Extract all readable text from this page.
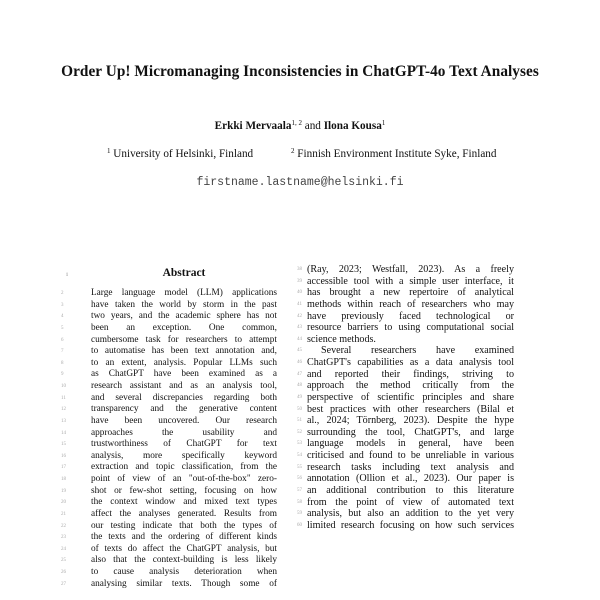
Order Up! Micromanaging Inconsistencies in ChatGPT-4o Text Analyses
Erkki Mervaala$^{1, 2}$ and Ilona Kousa$^1$
$^1$ University of Helsinki, Finland	$^2$ Finnish Environment Institute Syke, Finland
firstname.lastname@helsinki.fi
1	Abstract
2	Large language model (LLM) applications
3	have taken the world by storm in the past
4	two years, and the academic sphere has not
5	been an exception. One common,
6	cumbersome task for researchers to attempt
7	to automatise has been text annotation and,
8	to an extent, analysis. Popular LLMs such
9	as ChatGPT have been examined as a
10	research assistant and as an analysis tool,
11	and several discrepancies regarding both
12	transparency and the generative content
13	have been uncovered. Our research
14	approaches the usability and
15	trustworthiness of ChatGPT for text
16	analysis, more specifically keyword
17	extraction and topic classification, from the
18	point of view of an "out-of-the-box" zero-
19	shot or few-shot setting, focusing on how
20	the context window and mixed text types
21	affect the analyses generated. Results from
22	our testing indicate that both the types of
23	the texts and the ordering of different kinds
24	of texts do affect the ChatGPT analysis, but
25	also that the context-building is less likely
26	to cause analysis deterioration when
27	analysing similar texts. Though some of
38 (Ray, 2023; Westfall, 2023). As a freely
39 accessible tool with a simple user interface, it
40 has brought a new repertoire of analytical
41 methods within reach of researchers who may
42 have previously faced technological or
43 resource barriers to using computational social
44 science methods.
45	Several researchers have examined
46 ChatGPT's capabilities as a data analysis tool
47 and reported their findings, striving to
48 approach the method critically from the
49 perspective of scientific principles and share
50 best practices with other researchers (Bilal et
51 al., 2024; Törnberg, 2023). Despite the hype
52 surrounding the tool, ChatGPT's, and large
53 language models in general, have been
54 criticised and found to be unreliable in various
55 research tasks including text analysis and
56 annotation (Ollion et al., 2023). Our paper is
57 an additional contribution to this literature
58 from the point of view of automated text
59 analysis, but also an addition to the yet very
60 limited research focusing on how such services
